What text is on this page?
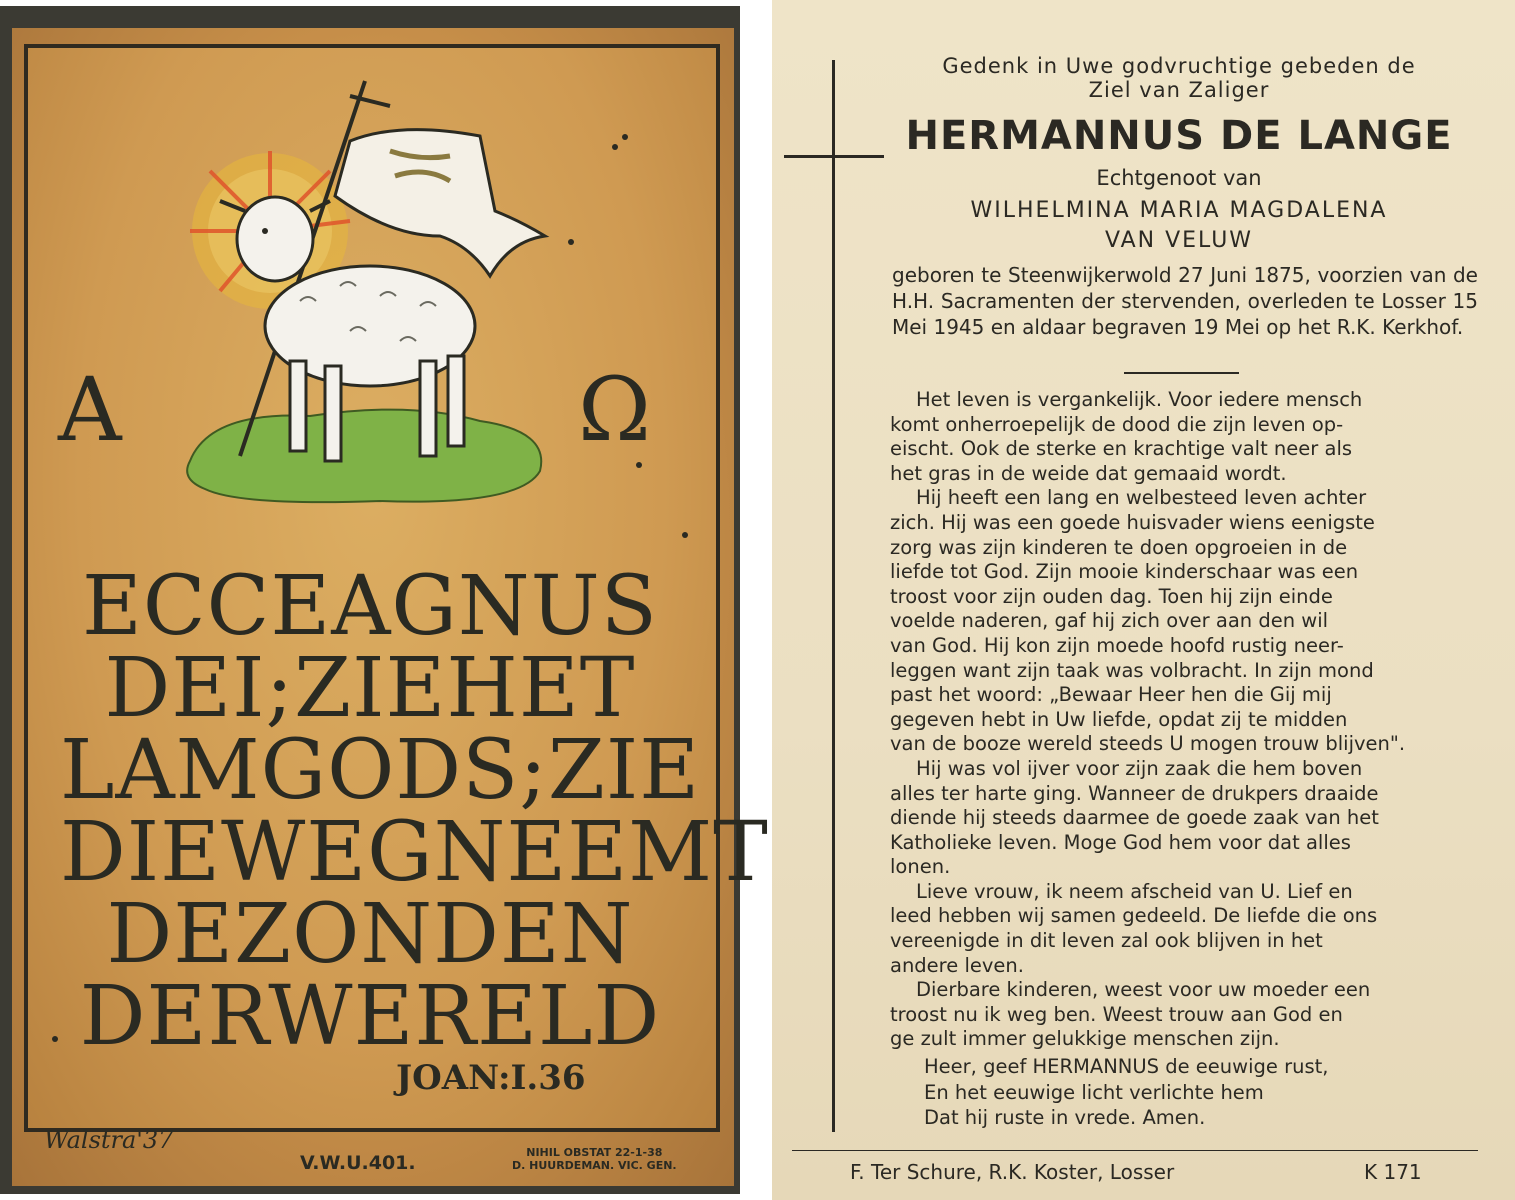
A	Ω
ECCEAGNUS
DEI;ZIEHET
LAMGODS;ZIE
DIEWEGNEEMT
DEZONDEN
DERWERELD
JOAN:I.36
Walstra'37
V.W.U.401.	NIHIL OBSTAT 22-1-38
D. HUURDEMAN. VIC. GEN.
Gedenk in Uwe godvruchtige gebeden de
Ziel van Zaliger
HERMANNUS DE LANGE
Echtgenoot van
WILHELMINA MARIA MAGDALENA
VAN VELUW
geboren te Steenwijkerwold 27 Juni 1875, voorzien van de H.H. Sacramenten der stervenden, overleden te Losser 15 Mei 1945 en aldaar begraven 19 Mei op het R.K. Kerkhof.

Het leven is vergankelijk. Voor iedere mensch

komt onherroepelijk de dood die zijn leven op-

eischt. Ook de sterke en krachtige valt neer als

het gras in de weide dat gemaaid wordt.

Hij heeft een lang en welbesteed leven achter

zich. Hij was een goede huisvader wiens eenigste

zorg was zijn kinderen te doen opgroeien in de

liefde tot God. Zijn mooie kinderschaar was een

troost voor zijn ouden dag. Toen hij zijn einde

voelde naderen, gaf hij zich over aan den wil

van God. Hij kon zijn moede hoofd rustig neer-

leggen want zijn taak was volbracht. In zijn mond

past het woord: „Bewaar Heer hen die Gij mij

gegeven hebt in Uw liefde, opdat zij te midden

van de booze wereld steeds U mogen trouw blijven".

Hij was vol ijver voor zijn zaak die hem boven

alles ter harte ging. Wanneer de drukpers draaide

diende hij steeds daarmee de goede zaak van het

Katholieke leven. Moge God hem voor dat alles

lonen.

Lieve vrouw, ik neem afscheid van U. Lief en

leed hebben wij samen gedeeld. De liefde die ons

vereenigde in dit leven zal ook blijven in het

andere leven.

Dierbare kinderen, weest voor uw moeder een

troost nu ik weg ben. Weest trouw aan God en

ge zult immer gelukkige menschen zijn.

Heer, geef HERMANNUS de eeuwige rust,

En het eeuwige licht verlichte hem

Dat hij ruste in vrede. Amen.

F. Ter Schure, R.K. Koster, Losser	K 171
